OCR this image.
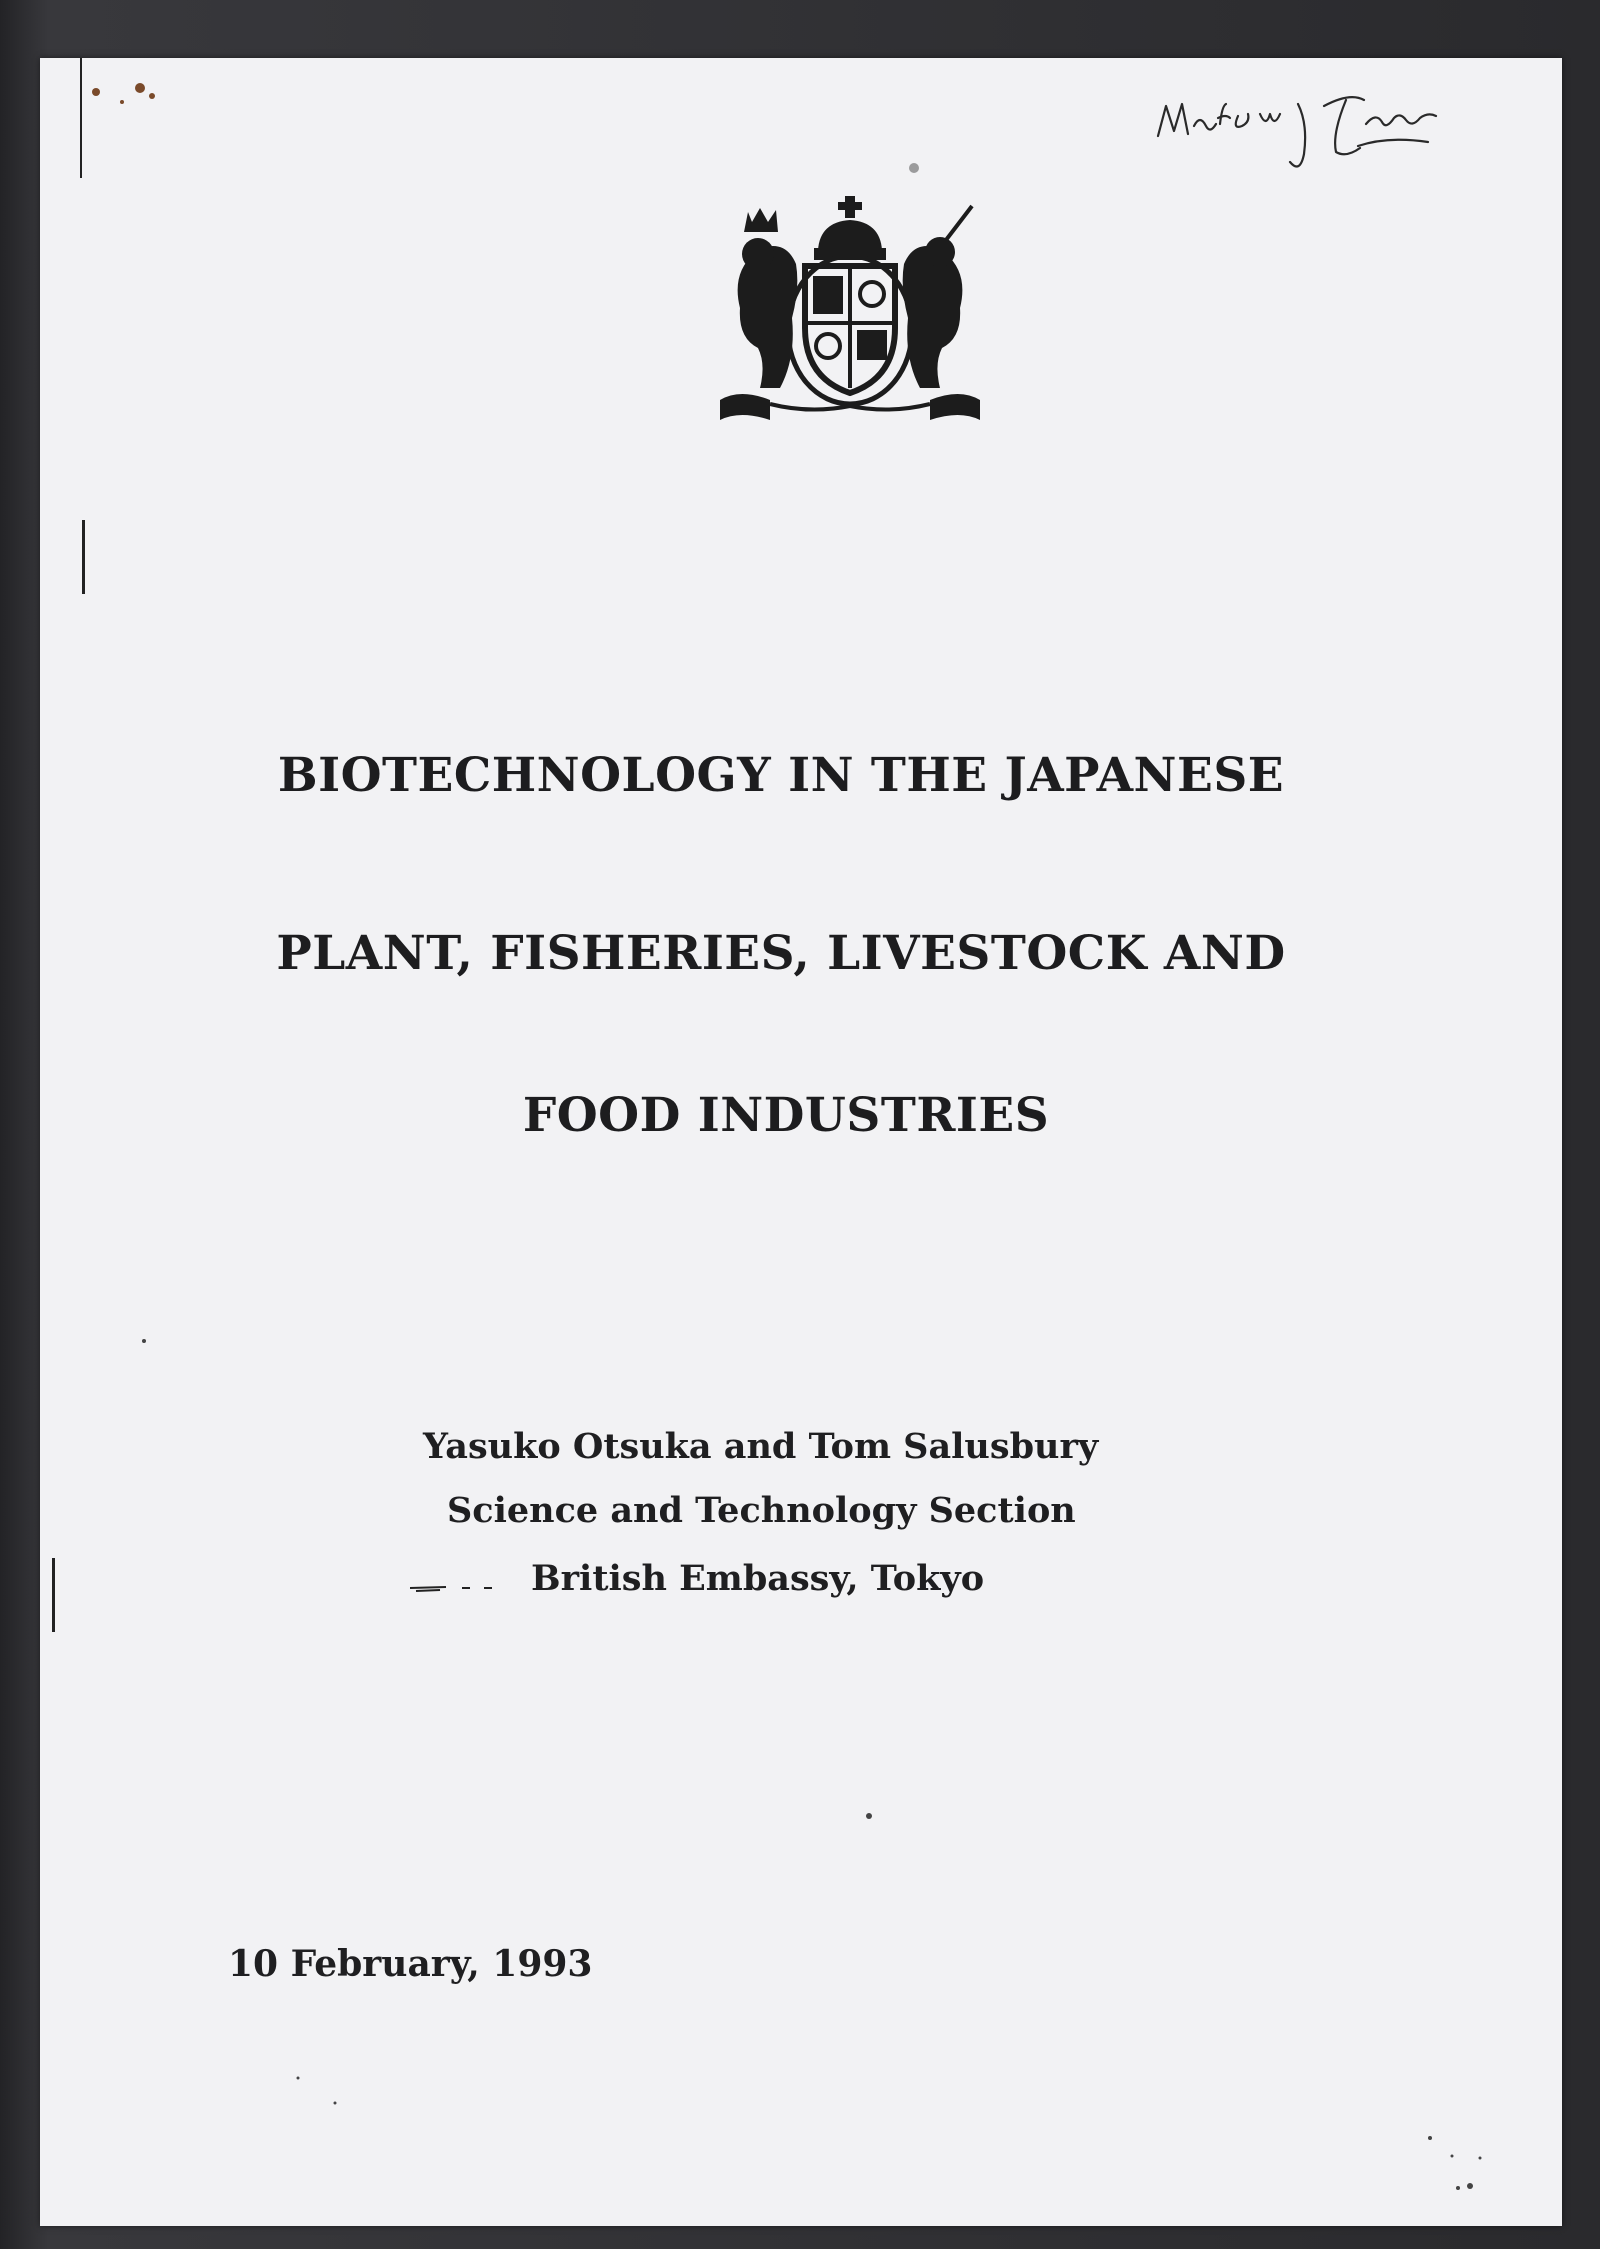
BIOTECHNOLOGY IN THE JAPANESE
PLANT, FISHERIES, LIVESTOCK AND
FOOD INDUSTRIES
Yasuko Otsuka and Tom Salusbury
Science and Technology Section
British Embassy, Tokyo
10 February, 1993
